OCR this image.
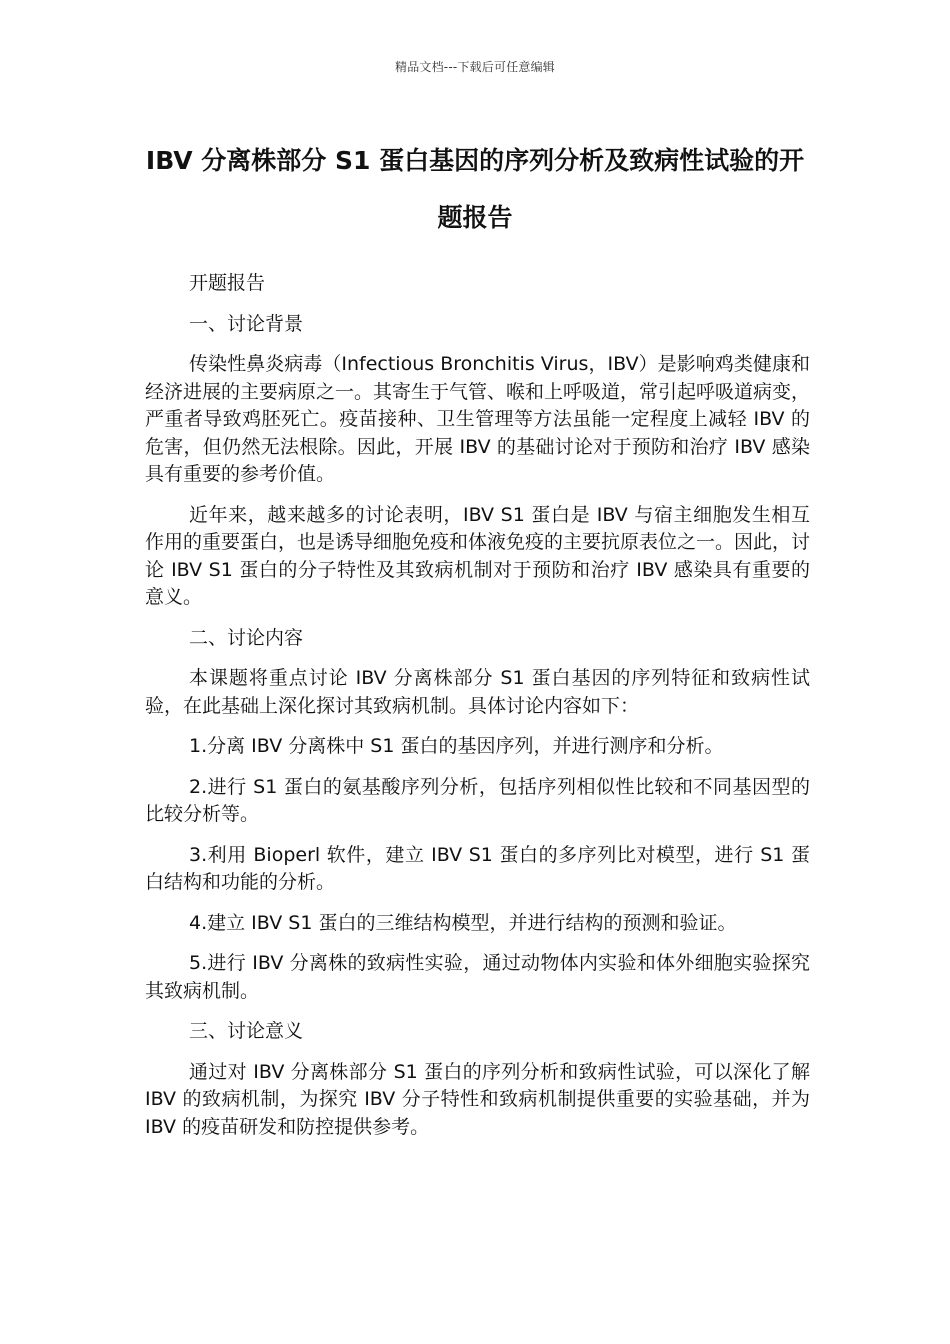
精品文档---下载后可任意编辑
IBV 分离株部分 S1 蛋白基因的序列分析及致病性试验的开题报告

开题报告

一、讨论背景

传染性鼻炎病毒（Infectious Bronchitis Virus，IBV）是影响鸡类健康和经济进展的主要病原之一。其寄生于气管、喉和上呼吸道，常引起呼吸道病变，严重者导致鸡胚死亡。疫苗接种、卫生管理等方法虽能一定程度上减轻 IBV 的危害，但仍然无法根除。因此，开展 IBV 的基础讨论对于预防和治疗 IBV 感染具有重要的参考价值。

近年来，越来越多的讨论表明，IBV S1 蛋白是 IBV 与宿主细胞发生相互作用的重要蛋白，也是诱导细胞免疫和体液免疫的主要抗原表位之一。因此，讨论 IBV S1 蛋白的分子特性及其致病机制对于预防和治疗 IBV 感染具有重要的意义。

二、讨论内容

本课题将重点讨论 IBV 分离株部分 S1 蛋白基因的序列特征和致病性试验，在此基础上深化探讨其致病机制。具体讨论内容如下：

1.分离 IBV 分离株中 S1 蛋白的基因序列，并进行测序和分析。

2.进行 S1 蛋白的氨基酸序列分析，包括序列相似性比较和不同基因型的比较分析等。

3.利用 Bioperl 软件，建立 IBV S1 蛋白的多序列比对模型，进行 S1 蛋白结构和功能的分析。

4.建立 IBV S1 蛋白的三维结构模型，并进行结构的预测和验证。

5.进行 IBV 分离株的致病性实验，通过动物体内实验和体外细胞实验探究其致病机制。

三、讨论意义

通过对 IBV 分离株部分 S1 蛋白的序列分析和致病性试验，可以深化了解 IBV 的致病机制，为探究 IBV 分子特性和致病机制提供重要的实验基础，并为 IBV 的疫苗研发和防控提供参考。
